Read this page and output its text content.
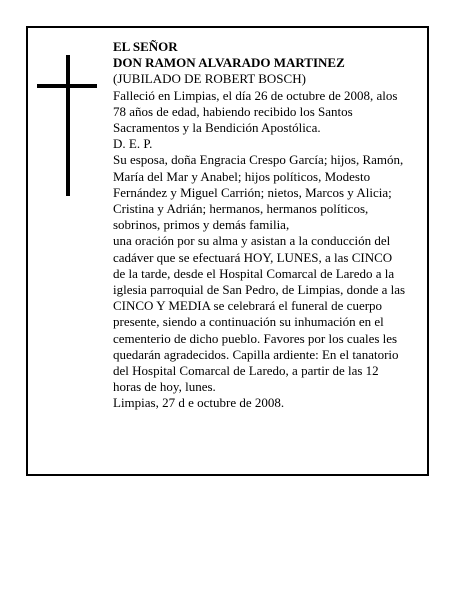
EL SEÑOR
DON RAMON ALVARADO MARTINEZ
(JUBILADO DE ROBERT BOSCH)
Falleció en Limpias, el día 26 de octubre de 2008, alos
78 años de edad, habiendo recibido los Santos
Sacramentos y la Bendición Apostólica.
D. E. P.
Su esposa, doña Engracia Crespo García; hijos, Ramón,
María del Mar y Anabel; hijos políticos, Modesto
Fernández y Miguel Carrión; nietos, Marcos y Alicia;
Cristina y Adrián; hermanos, hermanos políticos,
sobrinos, primos y demás familia,
una oración por su alma y asistan a la conducción del
cadáver que se efectuará HOY, LUNES, a las CINCO
de la tarde, desde el Hospital Comarcal de Laredo a la
iglesia parroquial de San Pedro, de Limpias, donde a las
CINCO Y MEDIA se celebrará el funeral de cuerpo
presente, siendo a continuación su inhumación en el
cementerio de dicho pueblo. Favores por los cuales les
quedarán agradecidos. Capilla ardiente: En el tanatorio
del Hospital Comarcal de Laredo, a partir de las 12
horas de hoy, lunes.
Limpias, 27 d e octubre de 2008.
